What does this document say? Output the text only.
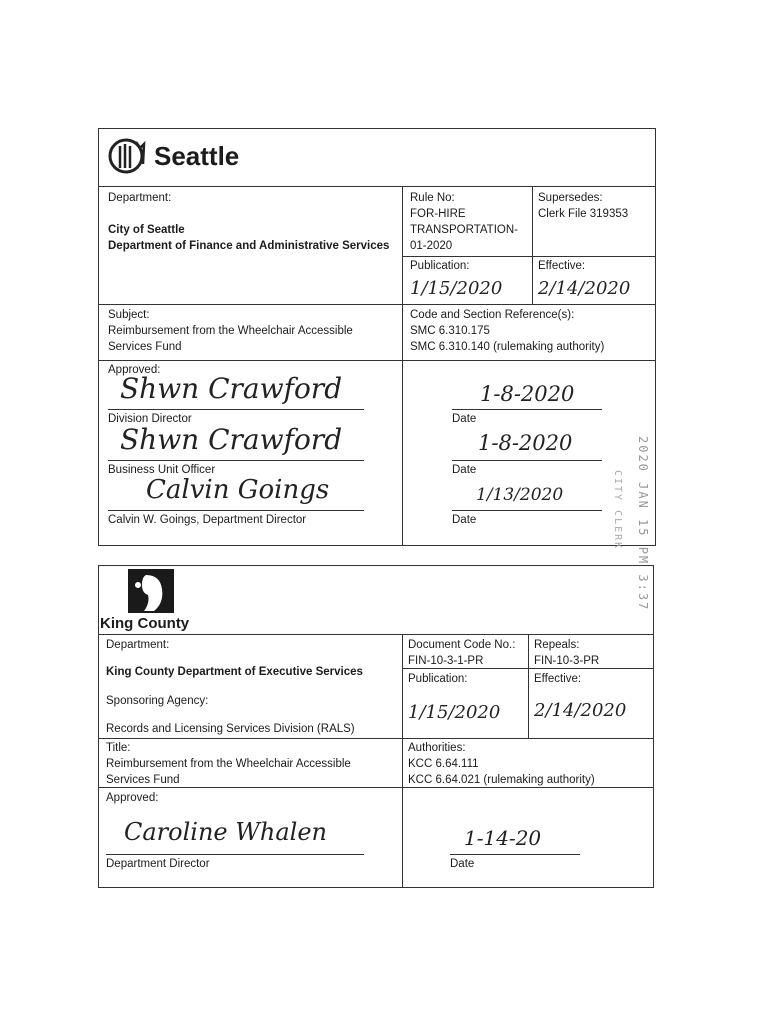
Seattle
Department:
City of Seattle
Department of Finance and Administrative Services
Rule No:
FOR-HIRE
TRANSPORTATION-
01-2020
Supersedes:
Clerk File 319353
Publication:
1/15/2020
Effective:
2/14/2020
Subject:
Reimbursement from the Wheelchair Accessible
Services Fund
Code and Section Reference(s):
SMC 6.310.175
SMC 6.310.140 (rulemaking authority)
Approved:
Shwn Crawford
Division Director
1-8-2020
Date
Shwn Crawford
Business Unit Officer
1-8-2020
Date
Calvin Goings
Calvin W. Goings, Department Director
1/13/2020
Date	2020 JAN 15 PM 3:37
CITY CLERK
King County
Department:
King County Department of Executive Services
Sponsoring Agency:
Records and Licensing Services Division (RALS)
Document Code No.:
FIN-10-3-1-PR
Repeals:
FIN-10-3-PR
Publication:
1/15/2020
Effective:
2/14/2020
Title:
Reimbursement from the Wheelchair Accessible
Services Fund
Authorities:
KCC 6.64.111
KCC 6.64.021 (rulemaking authority)
Approved:
Caroline Whalen
Department Director
1-14-20
Date
